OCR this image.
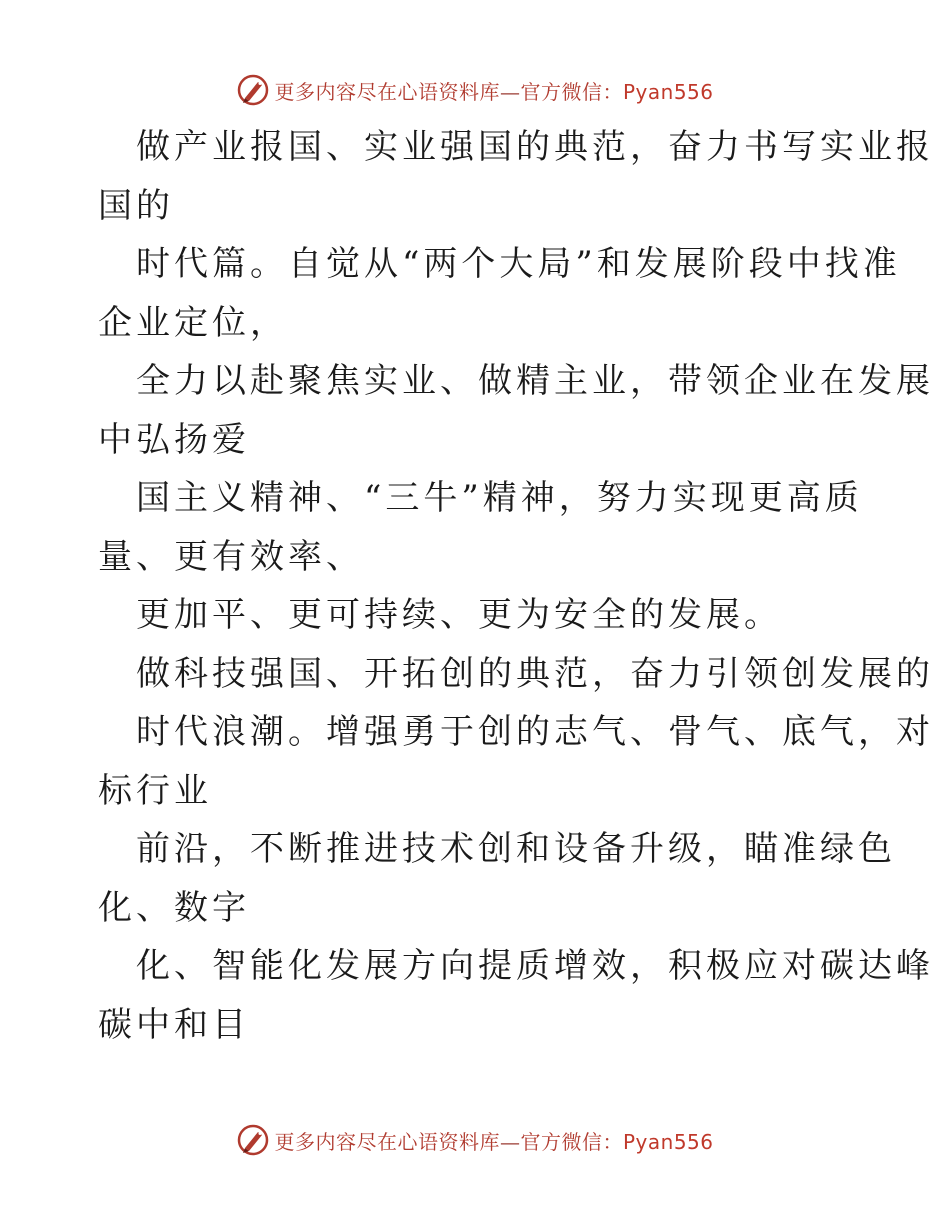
更多内容尽在心语资料库—官方微信：Pyan556
做产业报国、实业强国的典范，奋力书写实业报
国的
时代篇。自觉从“两个大局”和发展阶段中找准
企业定位，
全力以赴聚焦实业、做精主业，带领企业在发展
中弘扬爱
国主义精神、“三牛”精神，努力实现更高质
量、更有效率、
更加平、更可持续、更为安全的发展。
做科技强国、开拓创的典范，奋力引领创发展的
时代浪潮。增强勇于创的志气、骨气、底气，对
标行业
前沿，不断推进技术创和设备升级，瞄准绿色
化、数字
化、智能化发展方向提质增效，积极应对碳达峰
碳中和目
更多内容尽在心语资料库—官方微信：Pyan556
